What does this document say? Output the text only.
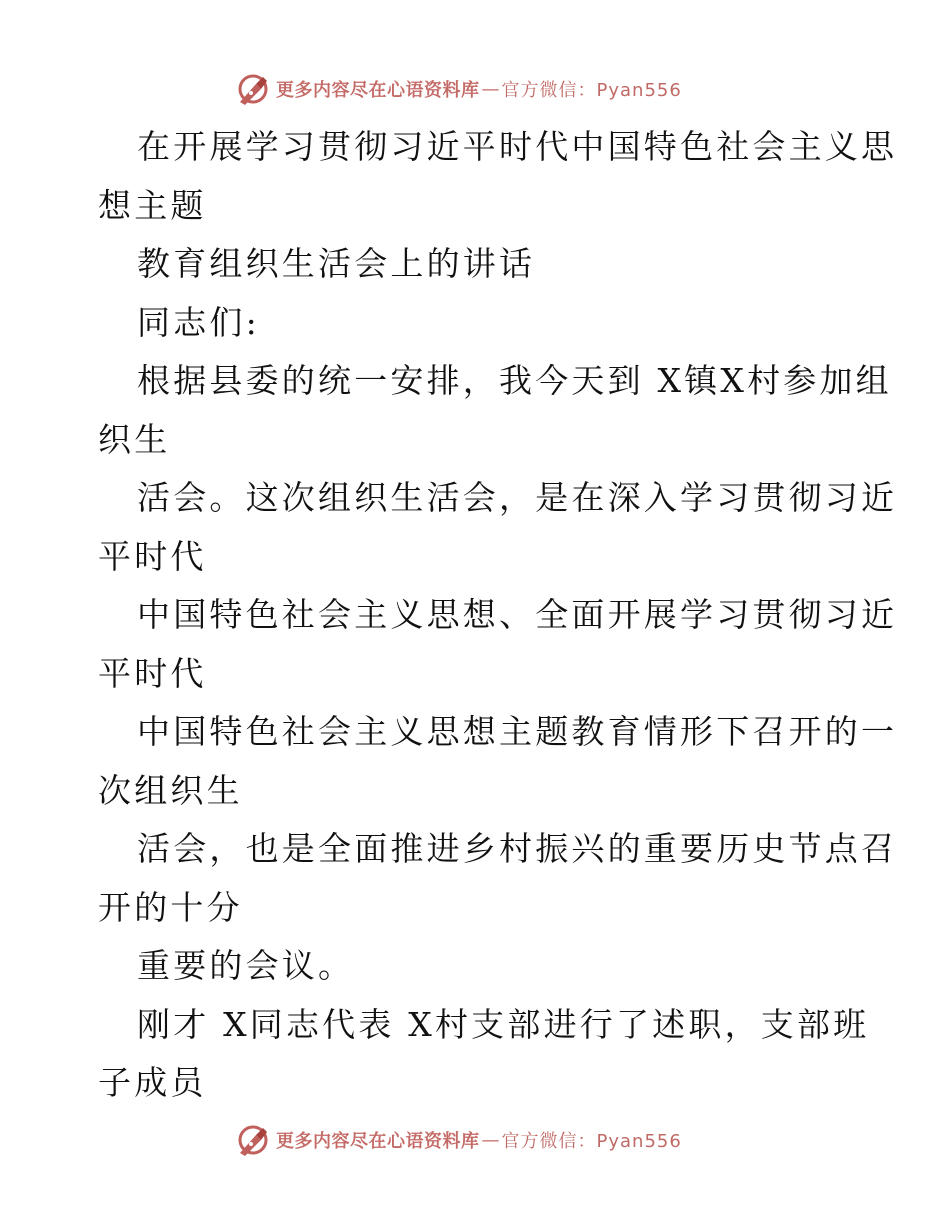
更多内容尽在心语资料库 — 官方微信：Pyan556
在开展学习贯彻习近平时代中国特色社会主义思
想主题
教育组织生活会上的讲话
同志们:
根据县委的统一安排，我今天到 X镇X村参加组
织生
活会。这次组织生活会，是在深入学习贯彻习近
平时代
中国特色社会主义思想、全面开展学习贯彻习近
平时代
中国特色社会主义思想主题教育情形下召开的一
次组织生
活会，也是全面推进乡村振兴的重要历史节点召
开的十分
重要的会议。
刚才 X同志代表 X村支部进行了述职，支部班
子成员
更多内容尽在心语资料库 — 官方微信：Pyan556
